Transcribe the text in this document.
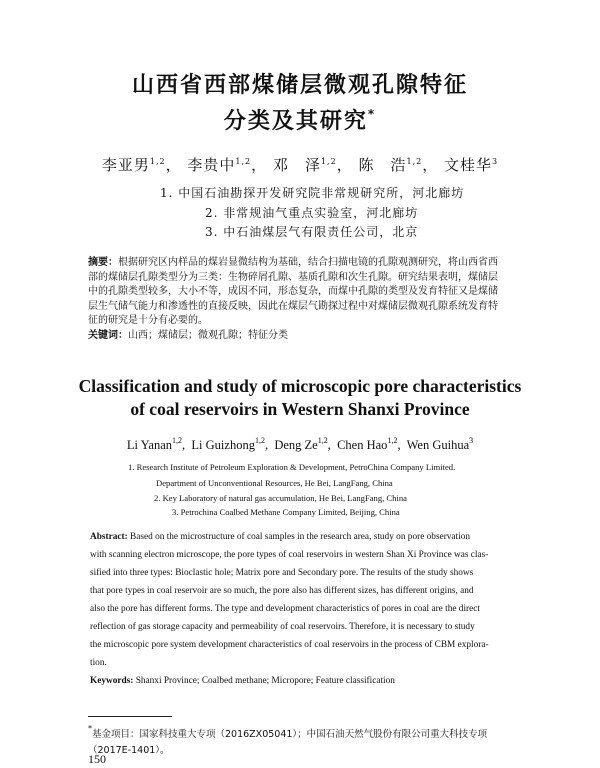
山西省西部煤储层微观孔隙特征
分类及其研究*
李亚男$^{1,2}$， 李贵中$^{1,2}$， 邓　泽$^{1,2}$， 陈　浩$^{1,2}$， 文桂华$^3$
1. 中国石油勘探开发研究院非常规研究所，河北廊坊
2. 非常规油气重点实验室，河北廊坊
3. 中石油煤层气有限责任公司，北京
摘要：根据研究区内样品的煤岩显微结构为基础，结合扫描电镜的孔隙观测研究，将山西省西
部的煤储层孔隙类型分为三类：生物碎屑孔隙、基质孔隙和次生孔隙。研究结果表明，煤储层
中的孔隙类型较多，大小不等，成因不同，形态复杂，而煤中孔隙的类型及发育特征又是煤储
层生气储气能力和渗透性的直接反映，因此在煤层气勘探过程中对煤储层微观孔隙系统发育特
征的研究是十分有必要的。
关键词：山西；煤储层；微观孔隙；特征分类
Classification and study of microscopic pore characteristics
of coal reservoirs in Western Shanxi Province
Li Yanan$^{1,2}$,  Li Guizhong$^{1,2}$,  Deng Ze$^{1,2}$,  Chen Hao$^{1,2}$,  Wen Guihua$^3$
1. Research Institute of Petroleum Exploration & Development, PetroChina Company Limited.
Department of Unconventional Resources, He Bei, LangFang, China
2. Key Laboratory of natural gas accumulation, He Bei, LangFang, China
3. Petrochina Coalbed Methane Company Limited, Beijing, China
Abstract: Based on the microstructure of coal samples in the research area, study on pore observation
with scanning electron microscope, the pore types of coal reservoirs in western Shan Xi Province was clas-
sified into three types: Bioclastic hole; Matrix pore and Secondary pore. The results of the study shows
that pore types in coal reservoir are so much, the pore also has different sizes, has different origins, and
also the pore has different forms. The type and development characteristics of pores in coal are the direct
reflection of gas storage capacity and permeability of coal reservoirs. Therefore, it is necessary to study
the microscopic pore system development characteristics of coal reservoirs in the process of CBM explora-
tion.
Keywords: Shanxi Province; Coalbed methane; Micropore; Feature classification
*基金项目：国家科技重大专项（2016ZX05041）；中国石油天然气股份有限公司重大科技专项
（2017E-1401）。
150
